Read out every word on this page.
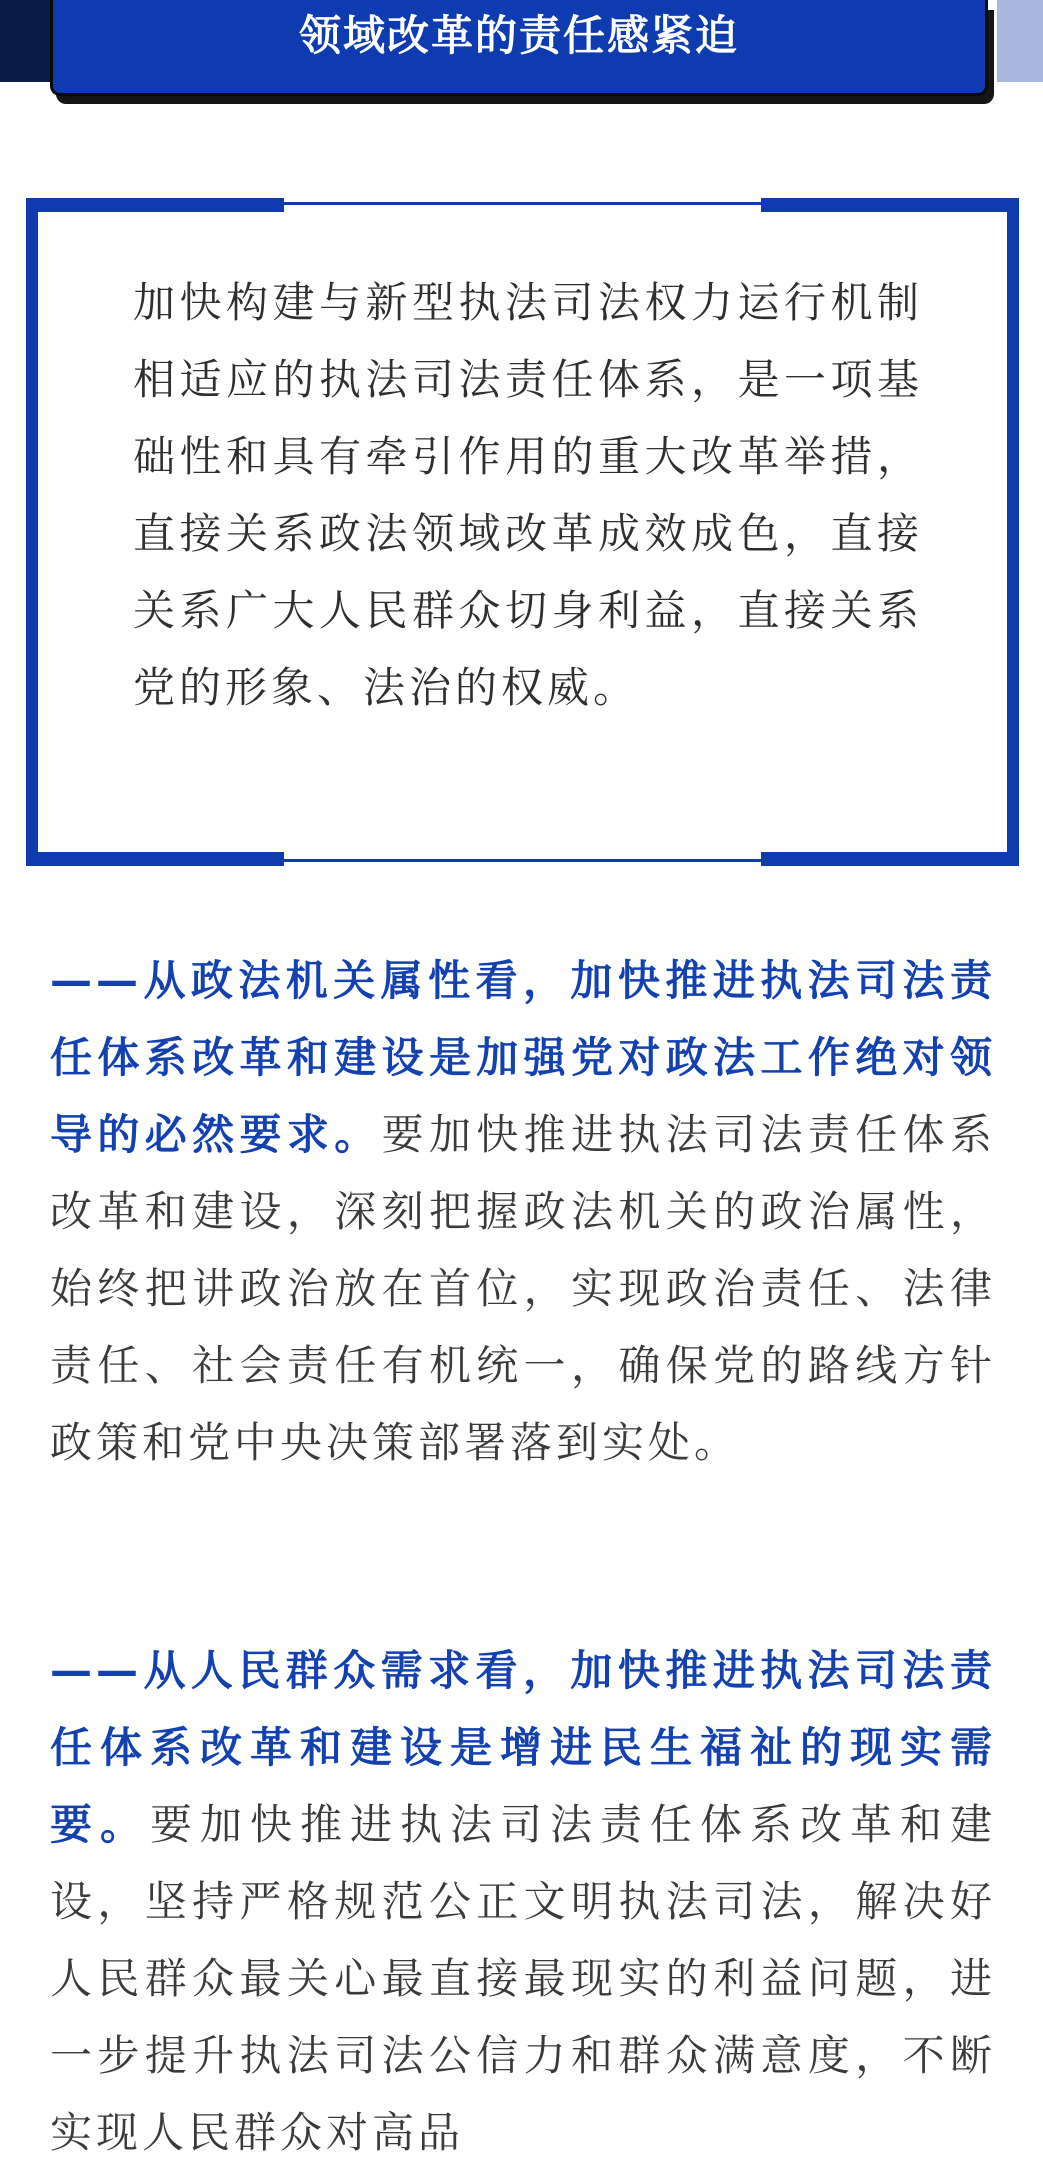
领域改革的责任感紧迫

加快构建与新型执法司法权力运行机制相适应的执法司法责任体系，是一项基础性和具有牵引作用的重大改革举措，直接关系政法领域改革成效成色，直接关系广大人民群众切身利益，直接关系党的形象、法治的权威。

——从政法机关属性看，加快推进执法司法责任体系改革和建设是加强党对政法工作绝对领导的必然要求。要加快推进执法司法责任体系改革和建设，深刻把握政法机关的政治属性，始终把讲政治放在首位，实现政治责任、法律责任、社会责任有机统一，确保党的路线方针政策和党中央决策部署落到实处。

——从人民群众需求看，加快推进执法司法责任体系改革和建设是增进民生福祉的现实需要。要加快推进执法司法责任体系改革和建设，坚持严格规范公正文明执法司法，解决好人民群众最关心最直接最现实的利益问题，进一步提升执法司法公信力和群众满意度，不断实现人民群众对高品
